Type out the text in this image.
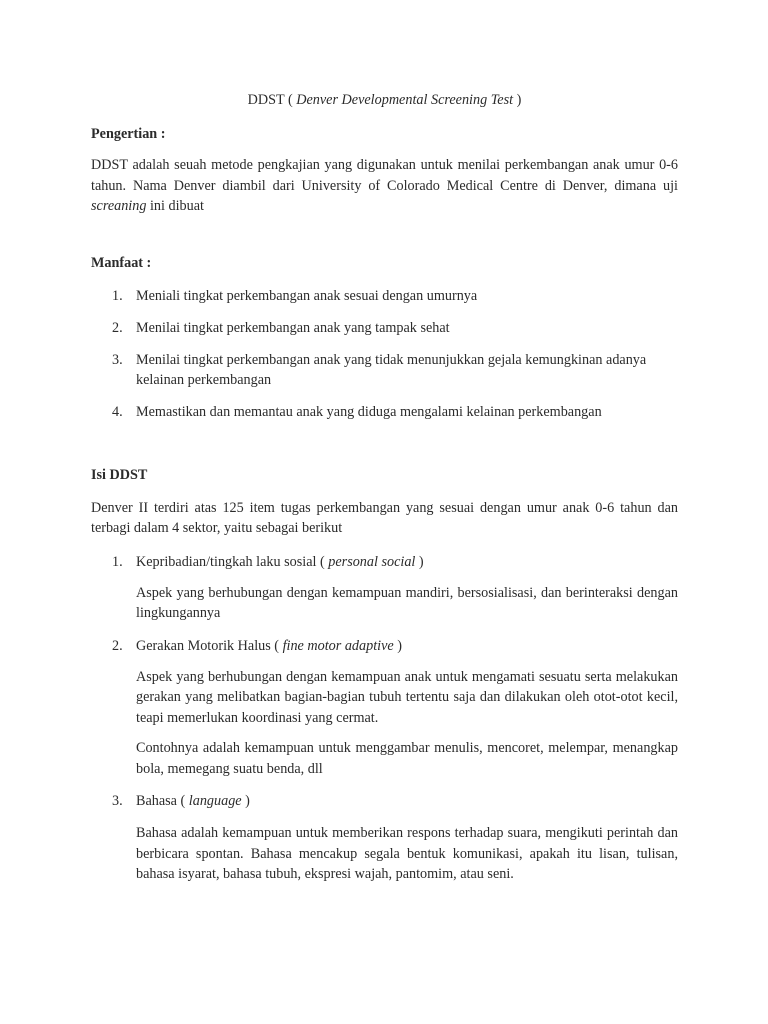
DDST ( Denver Developmental Screening Test )

Pengertian :

DDST adalah seuah metode pengkajian yang digunakan untuk menilai perkembangan anak umur 0-6 tahun. Nama Denver diambil dari University of Colorado Medical Centre di Denver, dimana uji screaning ini dibuat

Manfaat :

1. Meniali tingkat perkembangan anak sesuai dengan umurnya
2. Menilai tingkat perkembangan anak yang tampak sehat
3. Menilai tingkat perkembangan anak yang tidak menunjukkan gejala kemungkinan adanya kelainan perkembangan
4. Memastikan dan memantau anak yang diduga mengalami kelainan perkembangan

Isi DDST

Denver II terdiri atas 125 item tugas perkembangan yang sesuai dengan umur anak 0-6 tahun dan terbagi dalam 4 sektor, yaitu sebagai berikut

1. Kepribadian/tingkah laku sosial ( personal social )

Aspek yang berhubungan dengan kemampuan mandiri, bersosialisasi, dan berinteraksi dengan lingkungannya

2. Gerakan Motorik Halus ( fine motor adaptive )

Aspek yang berhubungan dengan kemampuan anak untuk mengamati sesuatu serta melakukan gerakan yang melibatkan bagian-bagian tubuh tertentu saja dan dilakukan oleh otot-otot kecil, teapi memerlukan koordinasi yang cermat.

Contohnya adalah kemampuan untuk menggambar menulis, mencoret, melempar, menangkap bola, memegang suatu benda, dll

3. Bahasa ( language )

Bahasa adalah kemampuan untuk memberikan respons terhadap suara, mengikuti perintah dan berbicara spontan. Bahasa mencakup segala bentuk komunikasi, apakah itu lisan, tulisan, bahasa isyarat, bahasa tubuh, ekspresi wajah, pantomim, atau seni.
